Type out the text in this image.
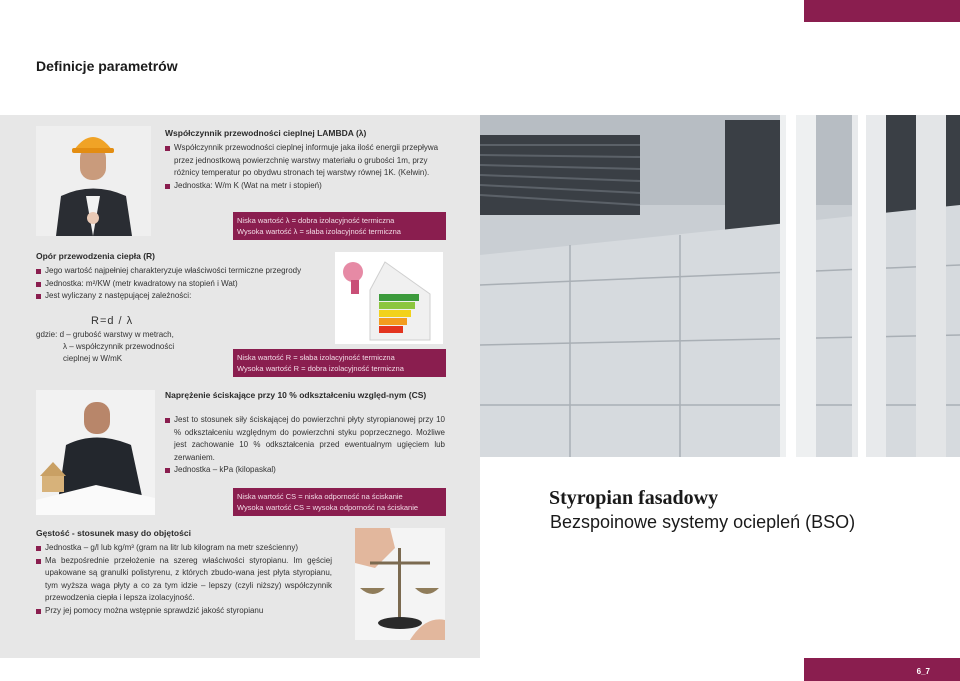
Definicje parametrów
Współczynnik przewodności cieplnej LAMBDA (λ)
Współczynnik przewodności cieplnej informuje jaka ilość energii przepływa przez jednostkową powierzchnię warstwy materiału o grubości 1m, przy różnicy temperatur po obydwu stronach tej warstwy równej 1K. (Kelwin).
Jednostka: W/m K (Wat na metr i stopień)
Niska wartość λ = dobra izolacyjność termiczna
Wysoka wartość λ = słaba izolacyjność termiczna
Opór przewodzenia ciepła (R)
Jego wartość najpełniej charakteryzuje właściwości termiczne przegrody
Jednostka: m²/KW (metr kwadratowy na stopień i Wat)
Jest wyliczany z następującej zależności:
R=d / λ
gdzie: d – grubość warstwy w metrach,
λ – współczynnik przewodności
cieplnej w W/mK	Niska wartość R = słaba izolacyjność termiczna
Wysoka wartość R = dobra izolacyjność termiczna
Naprężenie ściskające przy 10 % odkształceniu względ-nym (CS)
Jest to stosunek siły ściskającej do powierzchni płyty styropianowej przy 10 % odkształceniu względnym do powierzchni styku poprzecznego. Możliwe jest zachowanie 10 % odkształcenia przed ewentualnym ugięciem lub zerwaniem.
Jednostka – kPa (kilopaskal)
Niska wartość CS = niska odporność na ściskanie
Wysoka wartość CS = wysoka odporność na ściskanie
Gęstość - stosunek masy do objętości
Jednostka – g/l lub kg/m³ (gram na litr lub kilogram na metr sześcienny)
Ma bezpośrednie przełożenie na szereg właściwości styropianu. Im gęściej upakowane są granulki polistyrenu, z których zbudo-wana jest płyta styropianu, tym wyższa waga płyty a co za tym idzie – lepszy (czyli niższy) współczynnik przewodzenia ciepła i lepsza izolacyjność.
Przy jej pomocy można wstępnie sprawdzić jakość styropianu
Styropian fasadowy
Bezspoinowe systemy ociepleń (BSO)
6_7
